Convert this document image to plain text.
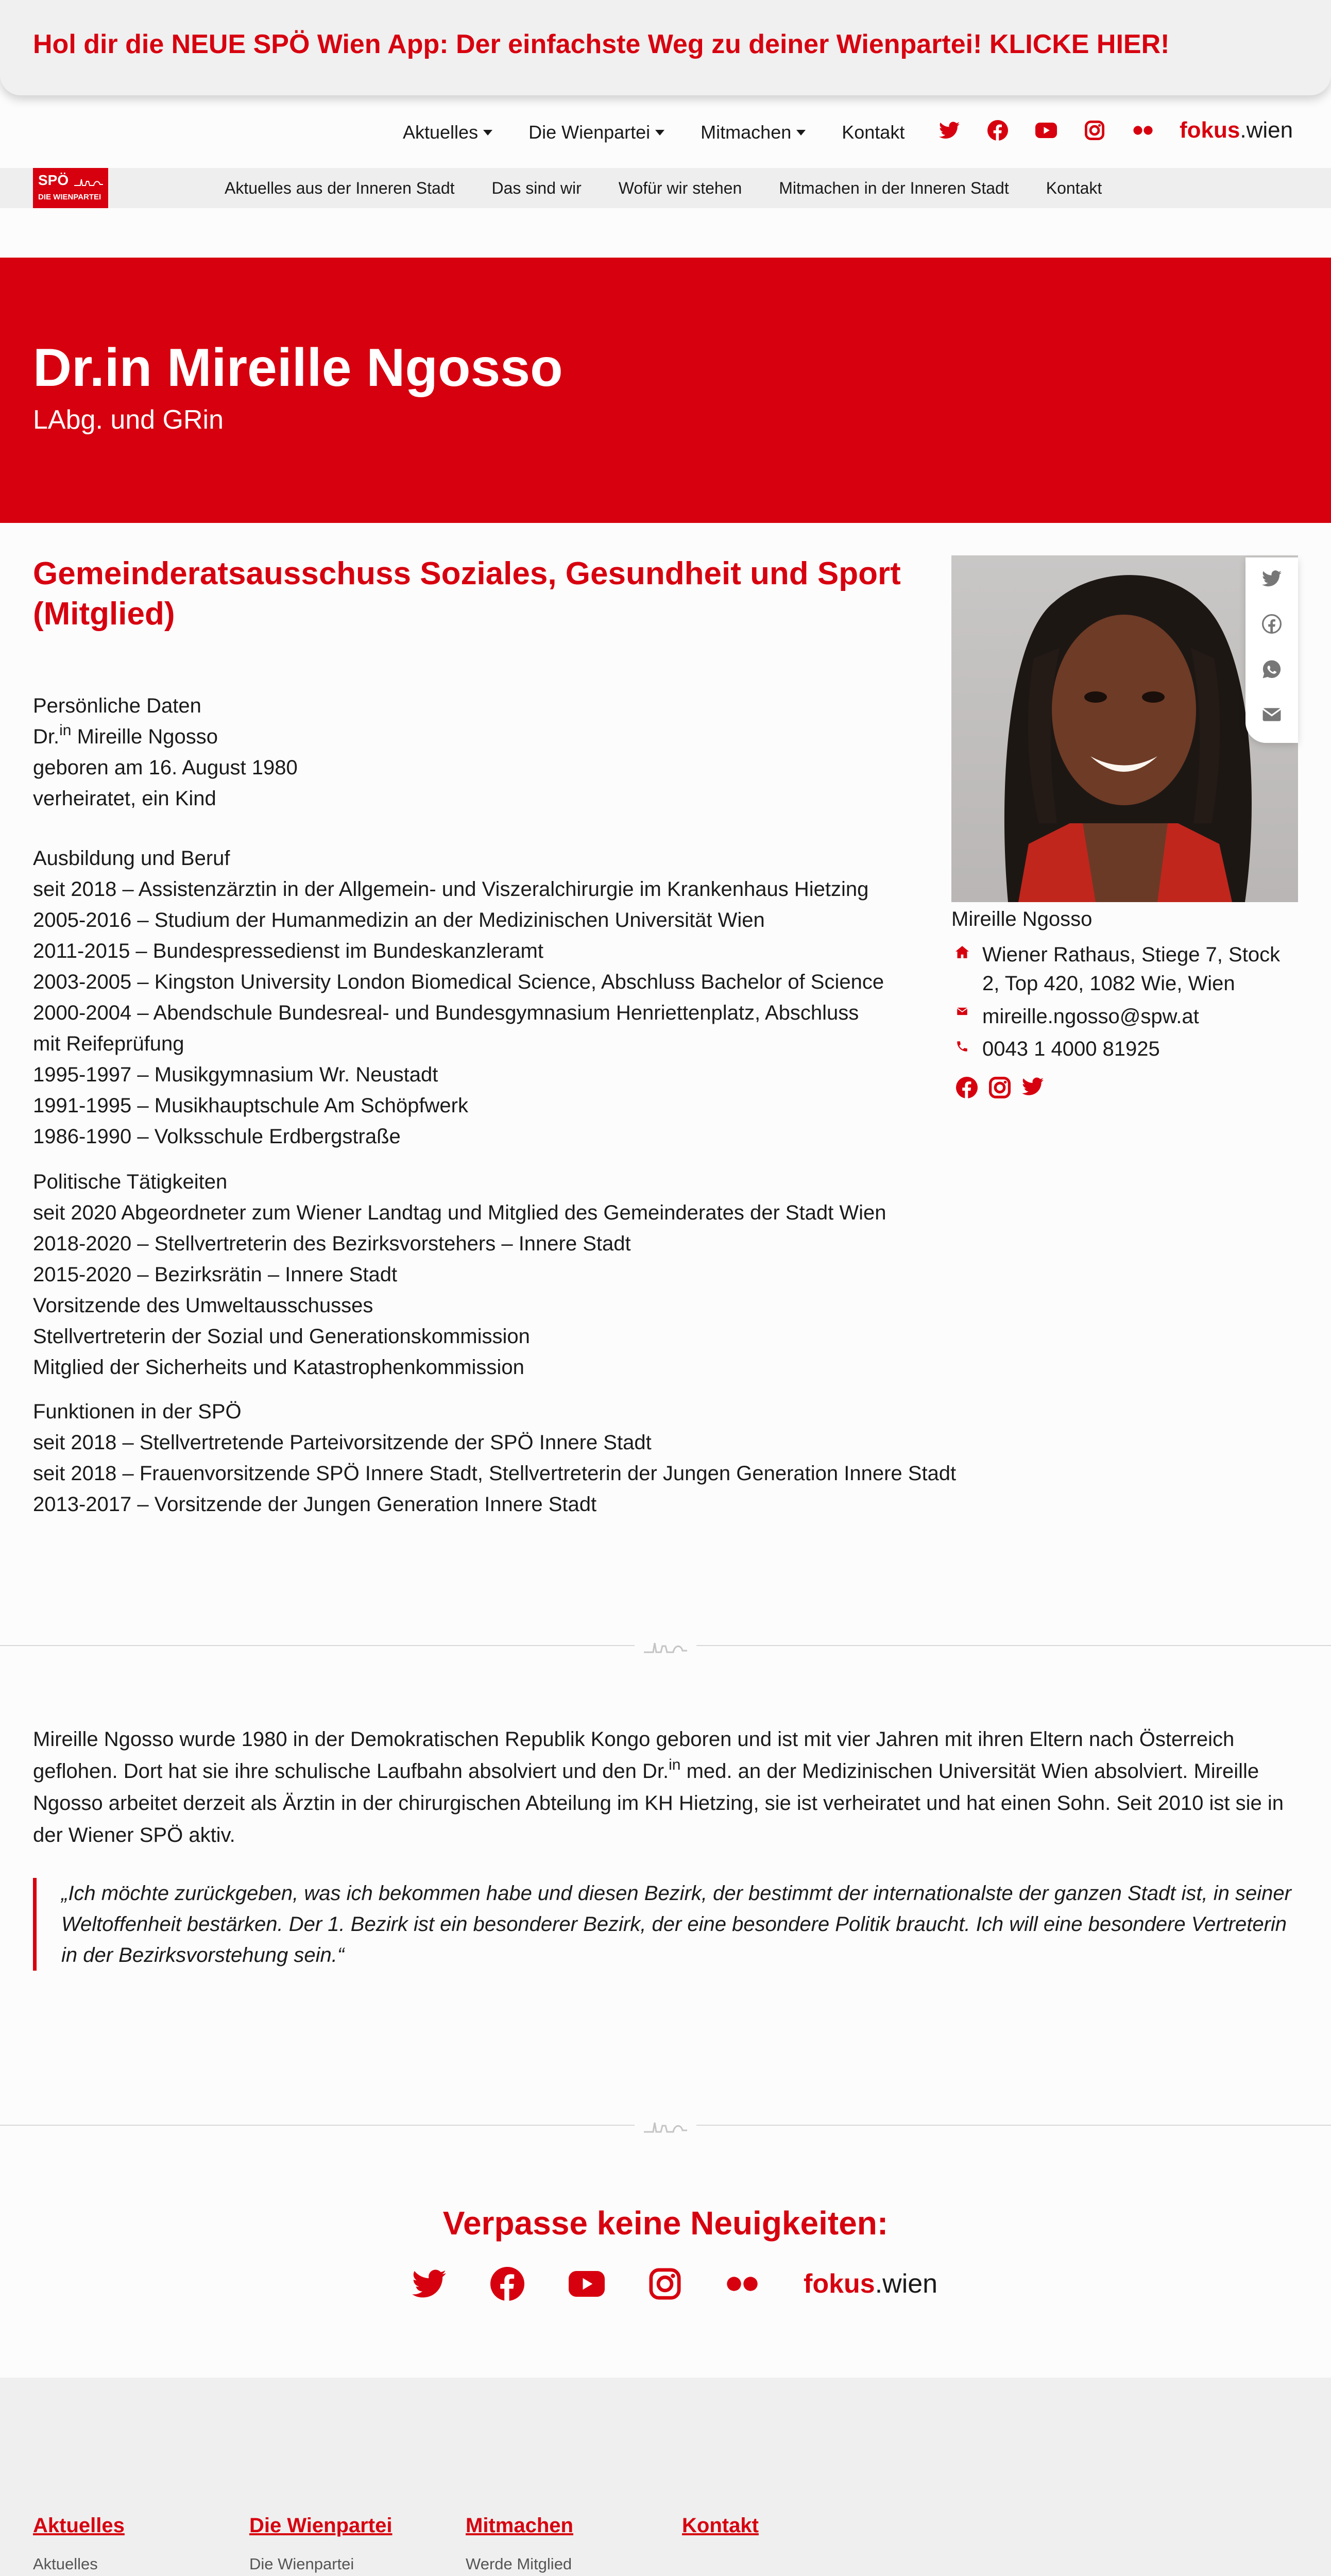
Hol dir die NEUE SPÖ Wien App: Der einfachste Weg zu deiner Wienpartei! KLICKE HIER!
Aktuelles	Die Wienpartei	Mitmachen	Kontakt	fokus.wien
SPÖ
DIE WIENPARTEI	Aktuelles aus der Inneren Stadt Das sind wir Wofür wir stehen Mitmachen in der Inneren Stadt Kontakt
Dr.in Mireille Ngosso
LAbg. und GRin
Gemeinderatsausschuss Soziales, Gesundheit und Sport (Mitglied)
Persönliche Daten
Dr.$^{in}$ Mireille Ngosso
geboren am 16. August 1980
verheiratet, ein Kind
Ausbildung und Beruf
seit 2018 – Assistenzärztin in der Allgemein- und Viszeralchirurgie im Krankenhaus Hietzing
2005-2016 – Studium der Humanmedizin an der Medizinischen Universität Wien
2011-2015 – Bundespressedienst im Bundeskanzleramt
2003-2005 – Kingston University London Biomedical Science, Abschluss Bachelor of Science
2000-2004 – Abendschule Bundesreal- und Bundesgymnasium Henriettenplatz, Abschluss
mit Reifeprüfung
1995-1997 – Musikgymnasium Wr. Neustadt
1991-1995 – Musikhauptschule Am Schöpfwerk
1986-1990 – Volksschule Erdbergstraße
Politische Tätigkeiten
seit 2020 Abgeordneter zum Wiener Landtag und Mitglied des Gemeinderates der Stadt Wien
2018-2020 – Stellvertreterin des Bezirksvorstehers – Innere Stadt
2015-2020 – Bezirksrätin – Innere Stadt
Vorsitzende des Umweltausschusses
Stellvertreterin der Sozial und Generationskommission
Mitglied der Sicherheits und Katastrophenkommission
Funktionen in der SPÖ
seit 2018 – Stellvertretende Parteivorsitzende der SPÖ Innere Stadt
seit 2018 – Frauenvorsitzende SPÖ Innere Stadt, Stellvertreterin der Jungen Generation Innere Stadt
2013-2017 – Vorsitzende der Jungen Generation Innere Stadt
Mireille Ngosso
Wiener Rathaus, Stiege 7, Stock 2, Top 420, 1082 Wie, Wien
mireille.ngosso@spw.at
0043 1 4000 81925
Mireille Ngosso wurde 1980 in der Demokratischen Republik Kongo geboren und ist mit vier Jahren mit ihren Eltern nach Österreich geflohen. Dort hat sie ihre schulische Laufbahn absolviert und den Dr.$^{in}$ med. an der Medizinischen Universität Wien absolviert. Mireille Ngosso arbeitet derzeit als Ärztin in der chirurgischen Abteilung im KH Hietzing, sie ist verheiratet und hat einen Sohn. Seit 2010 ist sie in der Wiener SPÖ aktiv.
„Ich möchte zurückgeben, was ich bekommen habe und diesen Bezirk, der bestimmt der internationalste der ganzen Stadt ist, in seiner Weltoffenheit bestärken. Der 1. Bezirk ist ein besonderer Bezirk, der eine besondere Politik braucht. Ich will eine besondere Vertreterin in der Bezirksvorstehung sein.“
Verpasse keine Neuigkeiten:
fokus.wien
Aktuelles
Aktuelles
Die Wienpartei
Die Wienpartei
Mitmachen
Werde Mitglied
Kontakt
